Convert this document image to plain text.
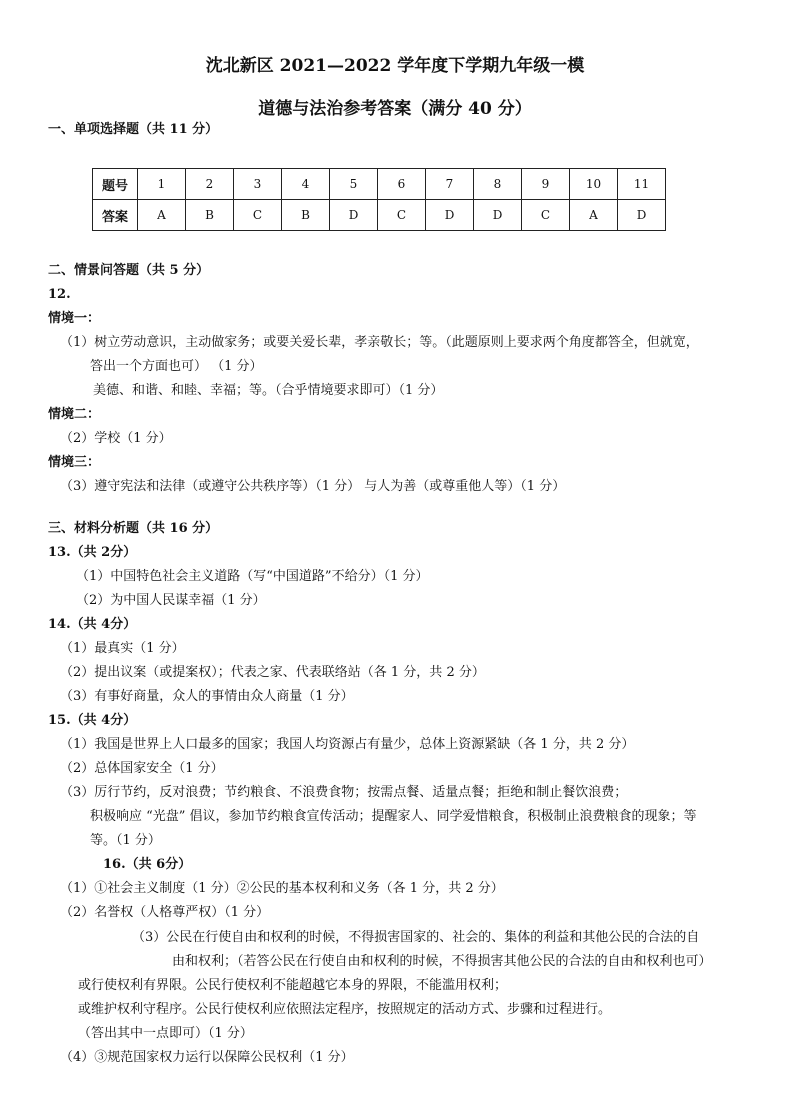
沈北新区 2021—2022 学年度下学期九年级一模
道德与法治参考答案（满分 40 分）
一、单项选择题（共 11 分）
题号	1	2	3	4	5	6	7	8	9	10	11
答案	A	B	C	B	D	C	D	D	C	A	D
二、情景问答题（共 5 分）
12.
情境一：
（1）树立劳动意识，主动做家务；或要关爱长辈，孝亲敬长；等。（此题原则上要求两个角度都答全，但就宽，
答出一个方面也可） （1 分）
美德、和谐、和睦、幸福；等。（合乎情境要求即可）（1 分）
情境二：
（2）学校（1 分）
情境三：
（3）遵守宪法和法律（或遵守公共秩序等）（1 分） 与人为善（或尊重他人等）（1 分）
三、材料分析题（共 16 分）
13.（共 2分）
（1）中国特色社会主义道路（写“中国道路”不给分）（1 分）
（2）为中国人民谋幸福（1 分）
14.（共 4分）
（1）最真实（1 分）
（2）提出议案（或提案权）；代表之家、代表联络站（各 1 分，共 2 分）
（3）有事好商量，众人的事情由众人商量（1 分）
15.（共 4分）
（1）我国是世界上人口最多的国家；我国人均资源占有量少，总体上资源紧缺（各 1 分，共 2 分）
（2）总体国家安全（1 分）
（3）厉行节约，反对浪费；节约粮食、不浪费食物；按需点餐、适量点餐；拒绝和制止餐饮浪费；
积极响应 “光盘” 倡议，参加节约粮食宣传活动；提醒家人、同学爱惜粮食，积极制止浪费粮食的现象；等
等。（1 分）
16.（共 6分）
（1）①社会主义制度（1 分）②公民的基本权利和义务（各 1 分，共 2 分）
（2）名誉权（人格尊严权）（1 分）
（3）公民在行使自由和权利的时候，不得损害国家的、社会的、集体的利益和其他公民的合法的自
由和权利；（若答公民在行使自由和权利的时候，不得损害其他公民的合法的自由和权利也可）
或行使权利有界限。公民行使权利不能超越它本身的界限，不能滥用权利；
或维护权利守程序。公民行使权利应依照法定程序，按照规定的活动方式、步骤和过程进行。
（答出其中一点即可）（1 分）
（4）③规范国家权力运行以保障公民权利（1 分）
